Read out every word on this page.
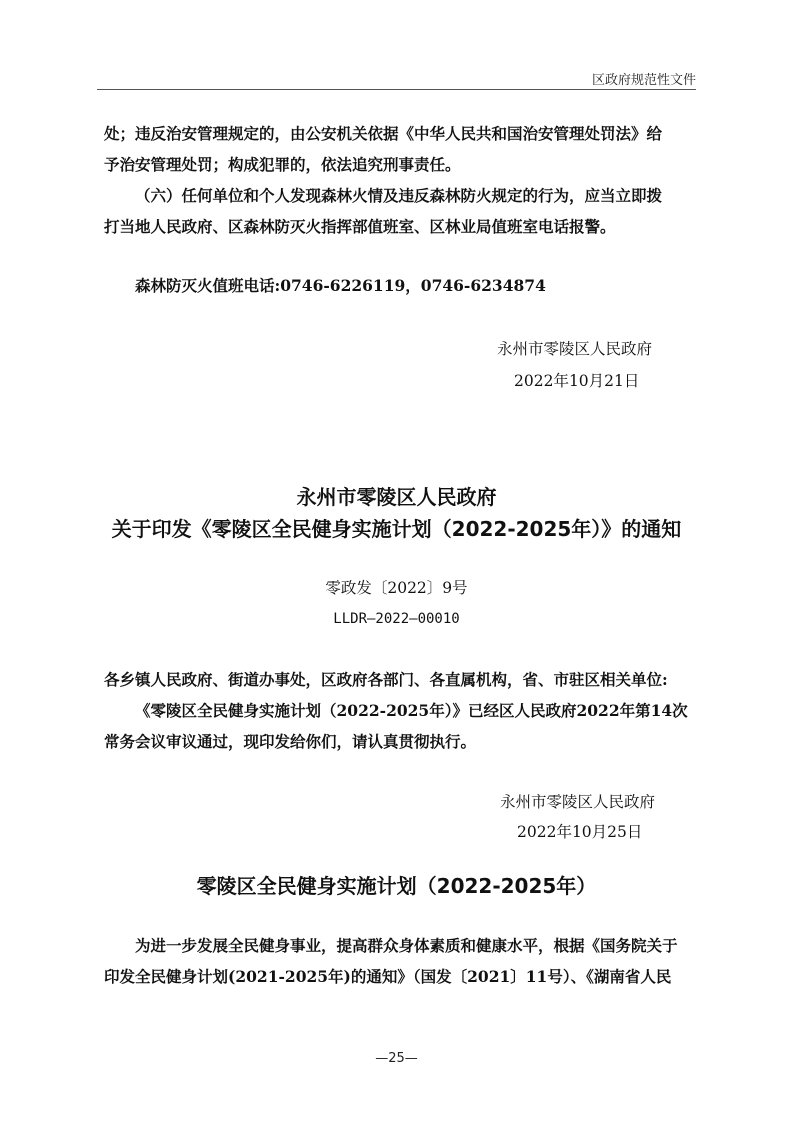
区政府规范性文件
处；违反治安管理规定的，由公安机关依据《中华人民共和国治安管理处罚法》给
予治安管理处罚；构成犯罪的，依法追究刑事责任。
（六）任何单位和个人发现森林火情及违反森林防火规定的行为，应当立即拨
打当地人民政府、区森林防灭火指挥部值班室、区林业局值班室电话报警。
森林防灭火值班电话:0746-6226119，0746-6234874
永州市零陵区人民政府
2022年10月21日
永州市零陵区人民政府
关于印发《零陵区全民健身实施计划（2022-2025年）》的通知
零政发〔2022〕9号
LLDR—2022—00010
各乡镇人民政府、街道办事处，区政府各部门、各直属机构，省、市驻区相关单位:
《零陵区全民健身实施计划（2022-2025年）》已经区人民政府2022年第14次
常务会议审议通过，现印发给你们，请认真贯彻执行。
永州市零陵区人民政府
2022年10月25日
零陵区全民健身实施计划（2022-2025年）
为进一步发展全民健身事业，提高群众身体素质和健康水平，根据《国务院关于
印发全民健身计划(2021-2025年)的通知》（国发〔2021〕11号）、《湖南省人民
—25—
